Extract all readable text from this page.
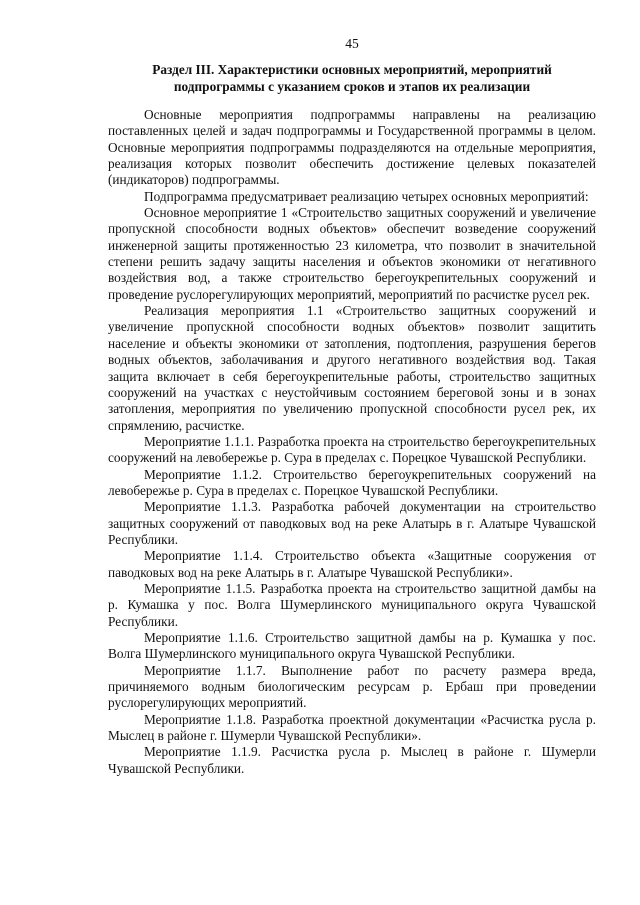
45
Раздел III. Характеристики основных мероприятий, мероприятий
подпрограммы с указанием сроков и этапов их реализации

Основные мероприятия подпрограммы направлены на реализацию поставленных целей и задач подпрограммы и Государственной программы в целом. Основные мероприятия подпрограммы подразделяются на отдельные мероприятия, реализация которых позволит обеспечить достижение целевых показателей (индикаторов) подпрограммы.

Подпрограмма предусматривает реализацию четырех основных мероприятий:

Основное мероприятие 1 «Строительство защитных сооружений и увеличение пропускной способности водных объектов» обеспечит возведение сооружений инженерной защиты протяженностью 23 километра, что позволит в значительной степени решить задачу защиты населения и объектов экономики от негативного воздействия вод, а также строительство берегоукрепительных сооружений и проведение руслорегулирующих мероприятий, мероприятий по расчистке русел рек.

Реализация мероприятия 1.1 «Строительство защитных сооружений и увеличение пропускной способности водных объектов» позволит защитить население и объекты экономики от затопления, подтопления, разрушения берегов водных объектов, заболачивания и другого негативного воздействия вод. Такая защита включает в себя берегоукрепительные работы, строительство защитных сооружений на участках с неустойчивым состоянием береговой зоны и в зонах затопления, мероприятия по увеличению пропускной способности русел рек, их спрямлению, расчистке.

Мероприятие 1.1.1. Разработка проекта на строительство берегоукрепительных сооружений на левобережье р. Сура в пределах с. Порецкое Чувашской Республики.

Мероприятие 1.1.2. Строительство берегоукрепительных сооружений на левобережье р. Сура в пределах с. Порецкое Чувашской Республики.

Мероприятие 1.1.3. Разработка рабочей документации на строительство защитных сооружений от паводковых вод на реке Алатырь в г. Алатыре Чувашской Республики.

Мероприятие 1.1.4. Строительство объекта «Защитные сооружения от паводковых вод на реке Алатырь в г. Алатыре Чувашской Республики».

Мероприятие 1.1.5. Разработка проекта на строительство защитной дамбы на р. Кумашка у пос. Волга Шумерлинского муниципального округа Чувашской Республики.

Мероприятие 1.1.6. Строительство защитной дамбы на р. Кумашка у пос. Волга Шумерлинского муниципального округа Чувашской Республики.

Мероприятие 1.1.7. Выполнение работ по расчету размера вреда, причиняемого водным биологическим ресурсам р. Ербаш при проведении руслорегулирующих мероприятий.

Мероприятие 1.1.8. Разработка проектной документации «Расчистка русла р. Мыслец в районе г. Шумерли Чувашской Республики».

Мероприятие 1.1.9. Расчистка русла р. Мыслец в районе г. Шумерли Чувашской Республики.
